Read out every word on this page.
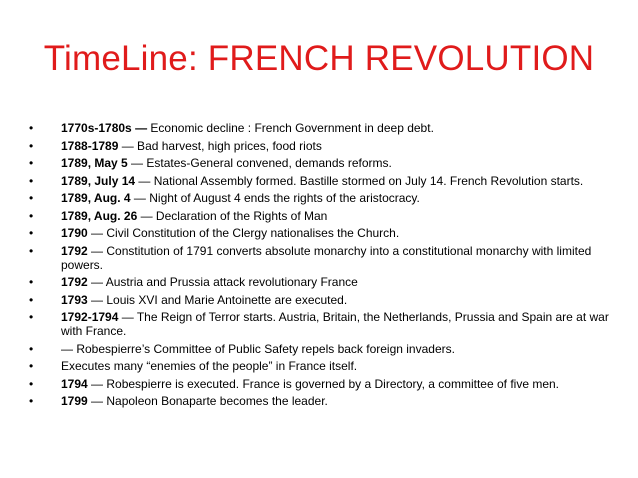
TimeLine: FRENCH REVOLUTION
• 1770s-1780s — Economic decline : French Government in deep debt.
• 1788-1789 — Bad harvest, high prices, food riots
• 1789, May 5 — Estates-General convened, demands reforms.
• 1789, July 14 — National Assembly formed. Bastille stormed on July 14. French Revolution starts.
• 1789, Aug. 4 — Night of August 4 ends the rights of the aristocracy.
• 1789, Aug. 26 — Declaration of the Rights of Man
• 1790 — Civil Constitution of the Clergy nationalises the Church.
• 1792 — Constitution of 1791 converts absolute monarchy into a constitutional monarchy with limited powers.
• 1792 — Austria and Prussia attack revolutionary France
• 1793 — Louis XVI and Marie Antoinette are executed.
• 1792-1794 — The Reign of Terror starts. Austria, Britain, the Netherlands, Prussia and Spain are at war with France.
• — Robespierre’s Committee of Public Safety repels back foreign invaders.
• Executes many “enemies of the people” in France itself.
• 1794 — Robespierre is executed. France is governed by a Directory, a committee of five men.
• 1799 — Napoleon Bonaparte becomes the leader.
